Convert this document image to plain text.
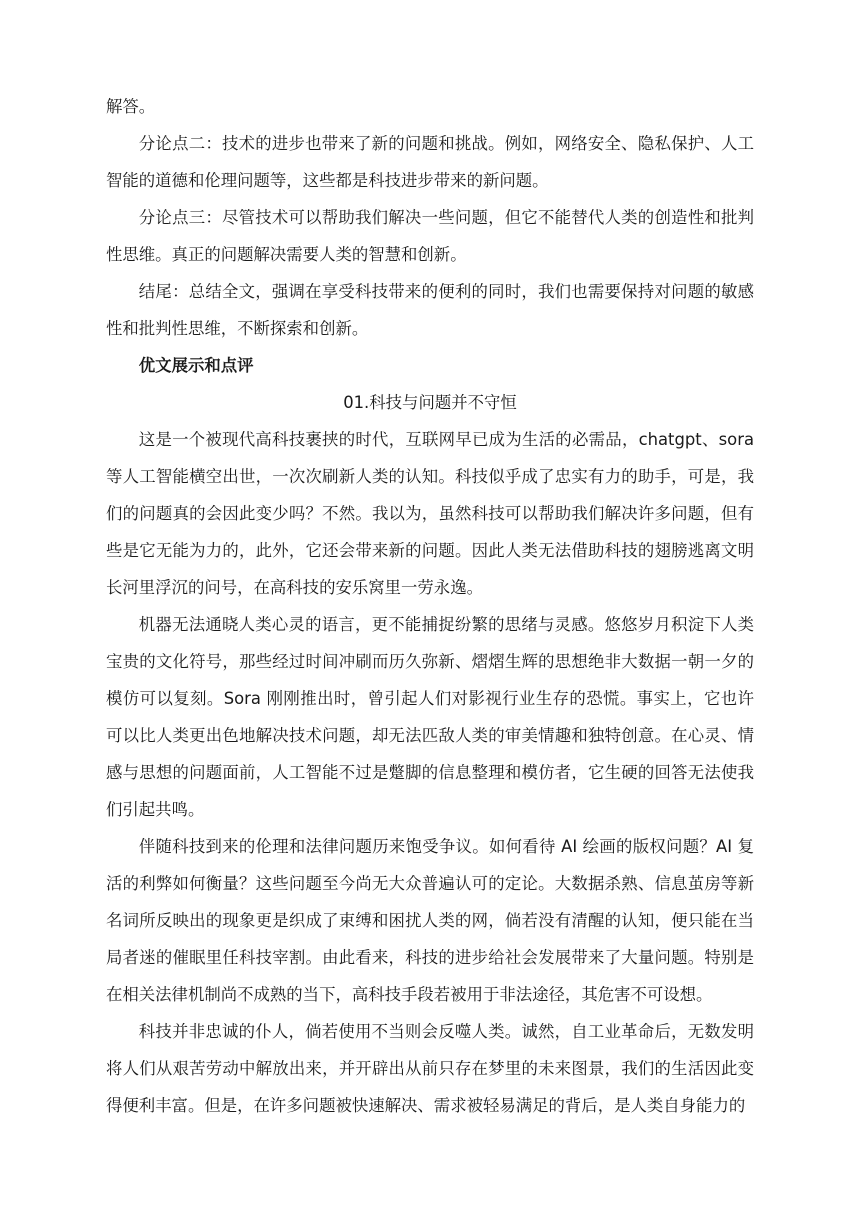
解答。

分论点二：技术的进步也带来了新的问题和挑战。例如，网络安全、隐私保护、人工智能的道德和伦理问题等，这些都是科技进步带来的新问题。

分论点三：尽管技术可以帮助我们解决一些问题，但它不能替代人类的创造性和批判性思维。真正的问题解决需要人类的智慧和创新。

结尾：总结全文，强调在享受科技带来的便利的同时，我们也需要保持对问题的敏感性和批判性思维，不断探索和创新。

优文展示和点评

01.科技与问题并不守恒

这是一个被现代高科技裹挟的时代，互联网早已成为生活的必需品，chatgpt、sora等人工智能横空出世，一次次刷新人类的认知。科技似乎成了忠实有力的助手，可是，我们的问题真的会因此变少吗？不然。我以为，虽然科技可以帮助我们解决许多问题，但有些是它无能为力的，此外，它还会带来新的问题。因此人类无法借助科技的翅膀逃离文明长河里浮沉的问号，在高科技的安乐窝里一劳永逸。

机器无法通晓人类心灵的语言，更不能捕捉纷繁的思绪与灵感。悠悠岁月积淀下人类宝贵的文化符号，那些经过时间冲刷而历久弥新、熠熠生辉的思想绝非大数据一朝一夕的模仿可以复刻。Sora 刚刚推出时，曾引起人们对影视行业生存的恐慌。事实上，它也许可以比人类更出色地解决技术问题，却无法匹敌人类的审美情趣和独特创意。在心灵、情感与思想的问题面前，人工智能不过是蹩脚的信息整理和模仿者，它生硬的回答无法使我们引起共鸣。

伴随科技到来的伦理和法律问题历来饱受争议。如何看待 AI 绘画的版权问题？AI 复活的利弊如何衡量？这些问题至今尚无大众普遍认可的定论。大数据杀熟、信息茧房等新名词所反映出的现象更是织成了束缚和困扰人类的网，倘若没有清醒的认知，便只能在当局者迷的催眠里任科技宰割。由此看来，科技的进步给社会发展带来了大量问题。特别是在相关法律机制尚不成熟的当下，高科技手段若被用于非法途径，其危害不可设想。

科技并非忠诚的仆人，倘若使用不当则会反噬人类。诚然，自工业革命后，无数发明将人们从艰苦劳动中解放出来，并开辟出从前只存在梦里的未来图景，我们的生活因此变得便利丰富。但是，在许多问题被快速解决、需求被轻易满足的背后，是人类自身能力的
